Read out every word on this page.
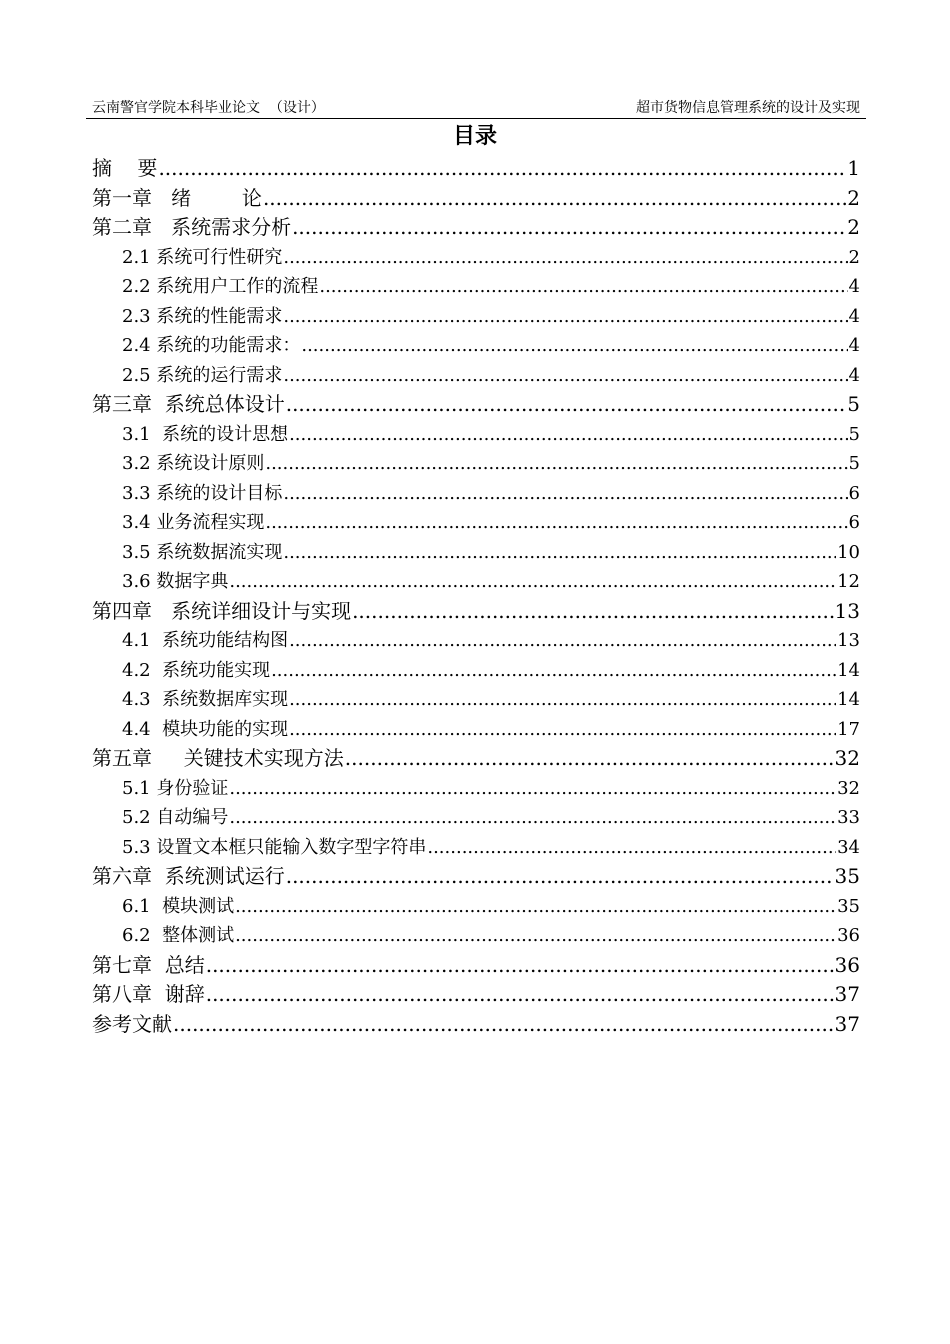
云南警官学院本科毕业论文  （设计）	超市货物信息管理系统的设计及实现
目录
摘    要 .....	1
第一章   绪        论 .....	2
第二章   系统需求分析 .....	2
2.1 系统可行性研究 .....	2
2.2 系统用户工作的流程 .....	4
2.3 系统的性能需求 .....	4
2.4 系统的功能需求： .....	4
2.5 系统的运行需求 .....	4
第三章  系统总体设计 .....	5
3.1  系统的设计思想 .....	5
3.2 系统设计原则 .....	5
3.3 系统的设计目标 .....	6
3.4 业务流程实现 .....	6
3.5 系统数据流实现 .....	10
3.6 数据字典 .....	12
第四章   系统详细设计与实现 .....	13
4.1  系统功能结构图 .....	13
4.2  系统功能实现 .....	14
4.3  系统数据库实现 .....	14
4.4  模块功能的实现 .....	17
第五章     关键技术实现方法 .....	32
5.1 身份验证 .....	32
5.2 自动编号 .....	33
5.3 设置文本框只能输入数字型字符串 .....	34
第六章  系统测试运行 .....	35
6.1  模块测试 .....	35
6.2  整体测试 .....	36
第七章  总结 .....	36
第八章  谢辞 .....	37
参考文献 .....	37
